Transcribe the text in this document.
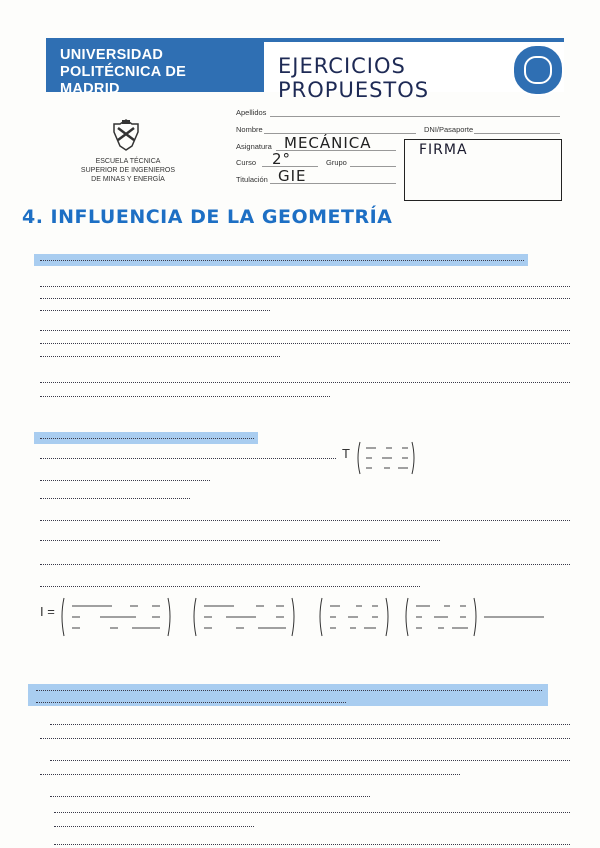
UNIVERSIDAD POLITÉCNICA DE MADRID
EJERCICIOS PROPUESTOS
ESCUELA TÉCNICA SUPERIOR DE INGENIEROS DE MINAS Y ENERGÍA
Apellidos
Nombre	DNI/Pasaporte
Asignatura MECÁNICA
Curso 2°	Grupo
Titulación GIE
FIRMA
4. INFLUENCIA DE LA GEOMETRÍA
T
I =
